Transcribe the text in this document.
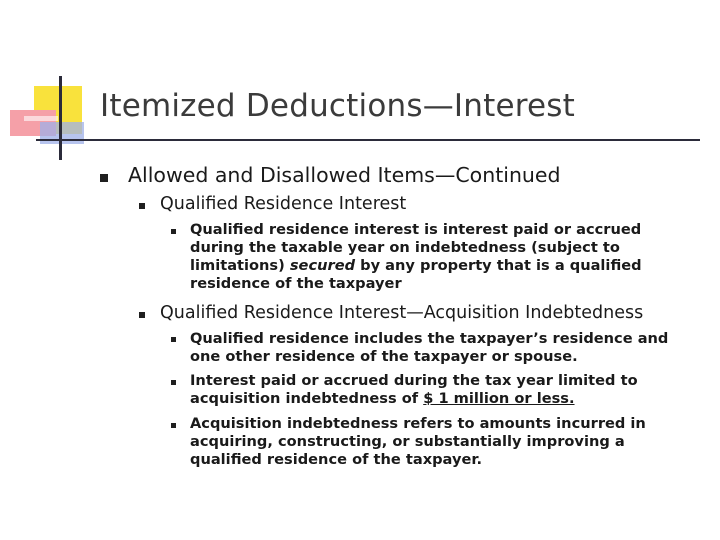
Itemized Deductions—Interest
Allowed and Disallowed Items—Continued
Qualified Residence Interest

Qualified residence interest is interest paid or accrued during the taxable year on indebtedness (subject to limitations) secured by any property that is a qualified residence of the taxpayer

Qualified Residence Interest—Acquisition Indebtedness

Qualified residence includes the taxpayer’s residence and one other residence of the taxpayer or spouse.

Interest paid or accrued during the tax year limited to acquisition indebtedness of $ 1 million or less.

Acquisition indebtedness refers to amounts incurred in acquiring, constructing, or substantially improving a qualified residence of the taxpayer.
